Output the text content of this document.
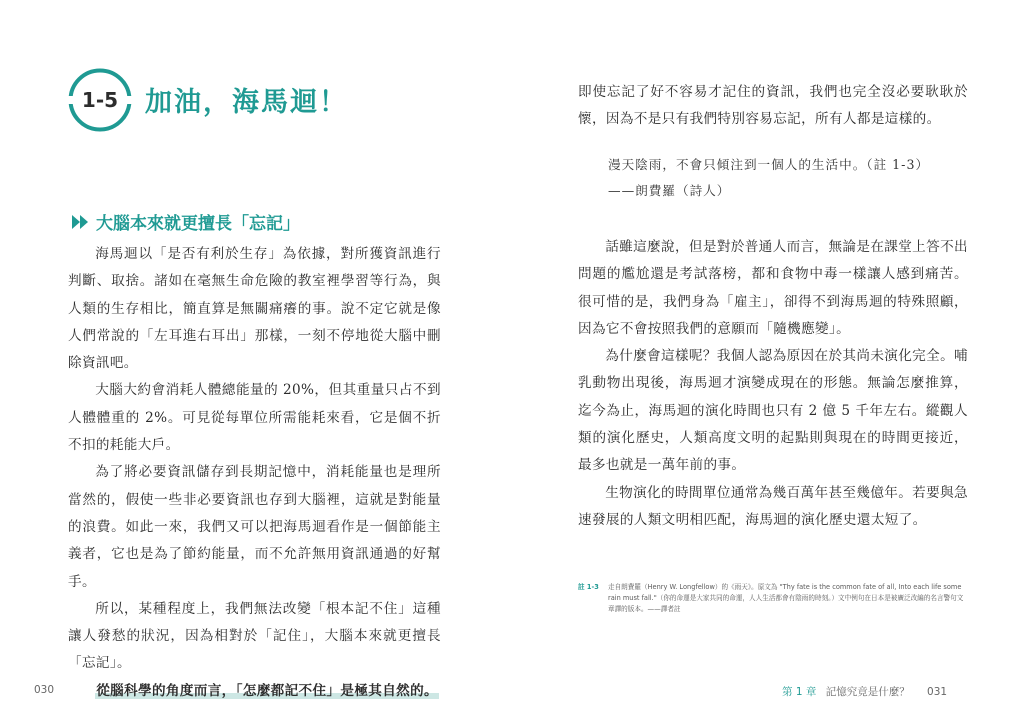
1-5 加油，海馬迴！
大腦本來就更擅長「忘記」

海馬迴以「是否有利於生存」為依據，對所獲資訊進行判斷、取捨。諸如在毫無生命危險的教室裡學習等行為，與人類的生存相比，簡直算是無關痛癢的事。說不定它就是像人們常說的「左耳進右耳出」那樣，一刻不停地從大腦中刪除資訊吧。

大腦大約會消耗人體總能量的 20%，但其重量只占不到人體體重的 2%。可見從每單位所需能耗來看，它是個不折不扣的耗能大戶。

為了將必要資訊儲存到長期記憶中，消耗能量也是理所當然的，假使一些非必要資訊也存到大腦裡，這就是對能量的浪費。如此一來，我們又可以把海馬迴看作是一個節能主義者，它也是為了節約能量，而不允許無用資訊通過的好幫手。

所以，某種程度上，我們無法改變「根本記不住」這種讓人發愁的狀況，因為相對於「記住」，大腦本來就更擅長「忘記」。

從腦科學的角度而言，「怎麼都記不住」是極其自然的。

030

即使忘記了好不容易才記住的資訊，我們也完全沒必要耿耿於懷，因為不是只有我們特別容易忘記，所有人都是這樣的。

漫天陰雨，不會只傾注到一個人的生活中。（註 1-3）
——朗費羅（詩人）

話雖這麼說，但是對於普通人而言，無論是在課堂上答不出問題的尷尬還是考試落榜，都和食物中毒一樣讓人感到痛苦。很可惜的是，我們身為「雇主」，卻得不到海馬迴的特殊照顧，因為它不會按照我們的意願而「隨機應變」。

為什麼會這樣呢？我個人認為原因在於其尚未演化完全。哺乳動物出現後，海馬迴才演變成現在的形態。無論怎麼推算，迄今為止，海馬迴的演化時間也只有 2 億 5 千年左右。縱觀人類的演化歷史，人類高度文明的起點則與現在的時間更接近，最多也就是一萬年前的事。

生物演化的時間單位通常為幾百萬年甚至幾億年。若要與急速發展的人類文明相匹配，海馬迴的演化歷史還太短了。

註 1-3	走自朗費羅（Henry W. Longfellow）的《雨天》。原文為 "Thy fate is the common fate of all, Into each life some rain must fall."（你的命運是大家共同的命運，人人生活都會有陰雨的時刻。）文中例句在日本是被廣泛改編的名言警句文章譯的版本。——譯者註
第 1 章 記憶究竟是什麼？ 031
